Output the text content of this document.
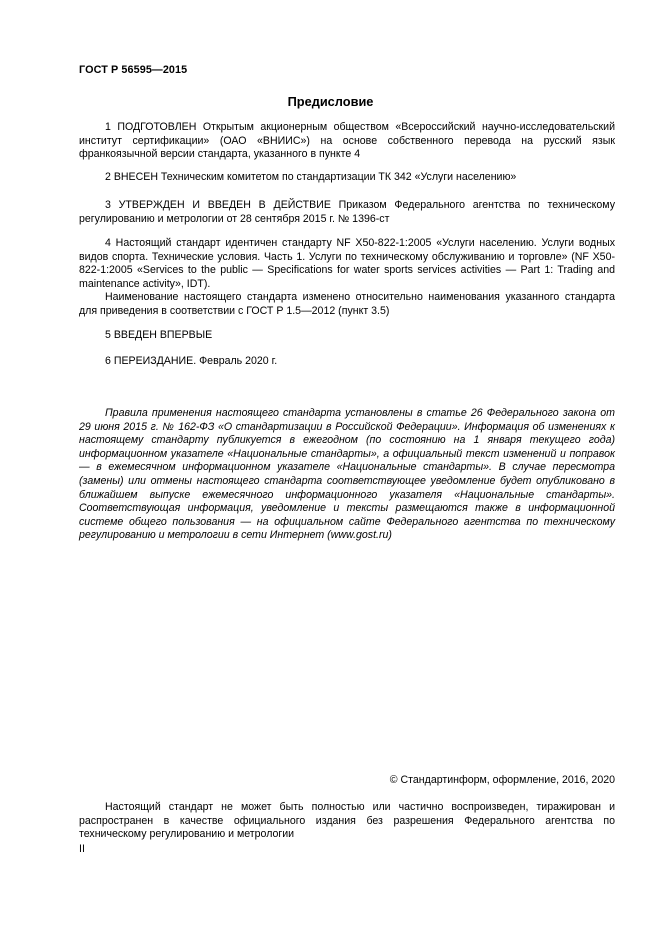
ГОСТ Р 56595—2015
Предисловие

1 ПОДГОТОВЛЕН Открытым акционерным обществом «Всероссийский научно-исследовательский институт сертификации» (ОАО «ВНИИС») на основе собственного перевода на русский язык франкоязычной версии стандарта, указанного в пункте 4

2 ВНЕСЕН Техническим комитетом по стандартизации ТК 342 «Услуги населению»

3 УТВЕРЖДЕН И ВВЕДЕН В ДЕЙСТВИЕ Приказом Федерального агентства по техническому регулированию и метрологии от 28 сентября 2015 г. № 1396-ст

4 Настоящий стандарт идентичен стандарту NF X50-822-1:2005 «Услуги населению. Услуги водных видов спорта. Технические условия. Часть 1. Услуги по техническому обслуживанию и торговле» (NF X50-822-1:2005 «Services to the public — Specifications for water sports services activities — Part 1: Trading and maintenance activity», IDT).

Наименование настоящего стандарта изменено относительно наименования указанного стандарта для приведения в соответствии с ГОСТ Р 1.5—2012 (пункт 3.5)

5 ВВЕДЕН ВПЕРВЫЕ

6 ПЕРЕИЗДАНИЕ. Февраль 2020 г.

Правила применения настоящего стандарта установлены в статье 26 Федерального закона от 29 июня 2015 г. № 162-ФЗ «О стандартизации в Российской Федерации». Информация об изменениях к настоящему стандарту публикуется в ежегодном (по состоянию на 1 января текущего года) информационном указателе «Национальные стандарты», а официальный текст изменений и поправок — в ежемесячном информационном указателе «Национальные стандарты». В случае пересмотра (замены) или отмены настоящего стандарта соответствующее уведомление будет опубликовано в ближайшем выпуске ежемесячного информационного указателя «Национальные стандарты». Соответствующая информация, уведомление и тексты размещаются также в информационной системе общего пользования — на официальном сайте Федерального агентства по техническому регулированию и метрологии в сети Интернет (www.gost.ru)

© Стандартинформ, оформление, 2016, 2020

Настоящий стандарт не может быть полностью или частично воспроизведен, тиражирован и распространен в качестве официального издания без разрешения Федерального агентства по техническому регулированию и метрологии

II
